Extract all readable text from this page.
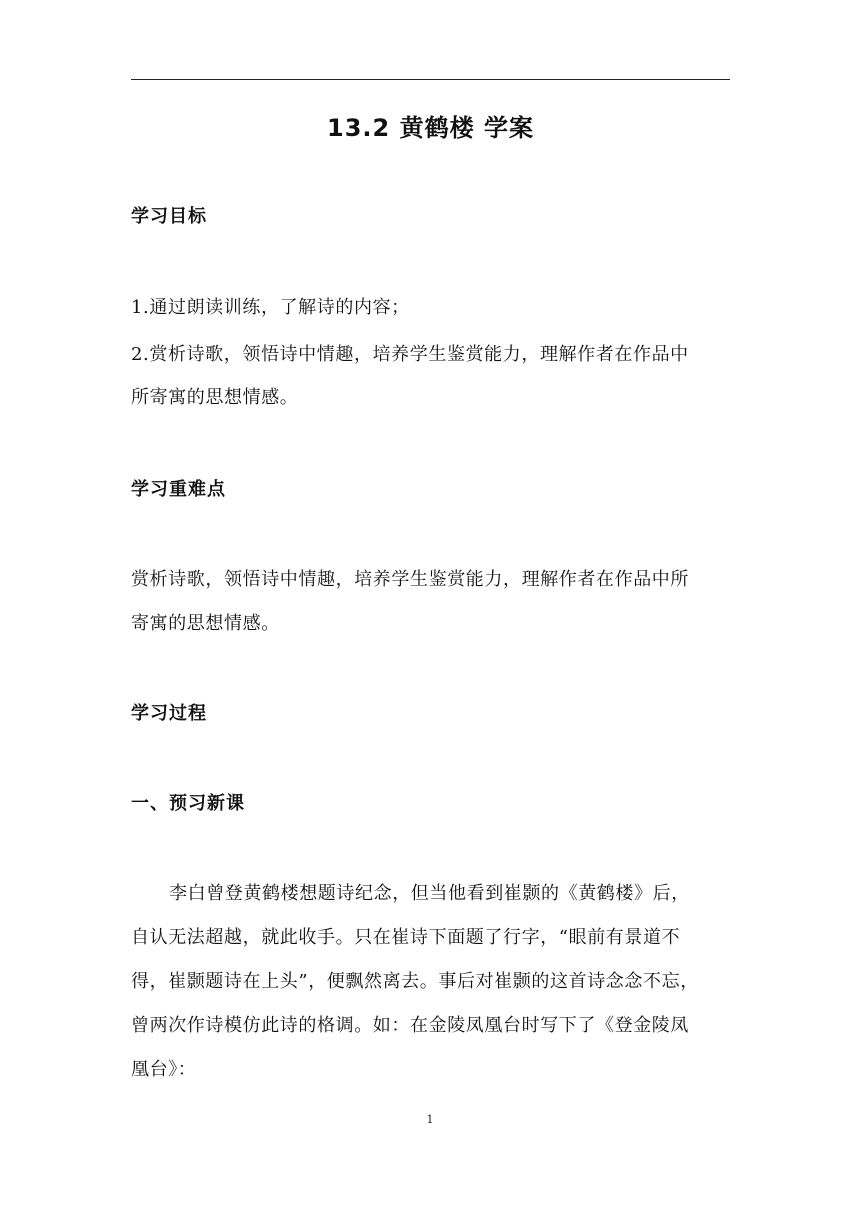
13.2 黄鹤楼 学案
学习目标

1.通过朗读训练，了解诗的内容；

2.赏析诗歌，领悟诗中情趣，培养学生鉴赏能力，理解作者在作品中

所寄寓的思想情感。

学习重难点

赏析诗歌，领悟诗中情趣，培养学生鉴赏能力，理解作者在作品中所

寄寓的思想情感。

学习过程
一、预习新课

李白曾登黄鹤楼想题诗纪念，但当他看到崔颢的《黄鹤楼》后，

自认无法超越，就此收手。只在崔诗下面题了行字，“眼前有景道不

得，崔颢题诗在上头”，便飘然离去。事后对崔颢的这首诗念念不忘，

曾两次作诗模仿此诗的格调。如：在金陵凤凰台时写下了《登金陵凤

凰台》：

1
